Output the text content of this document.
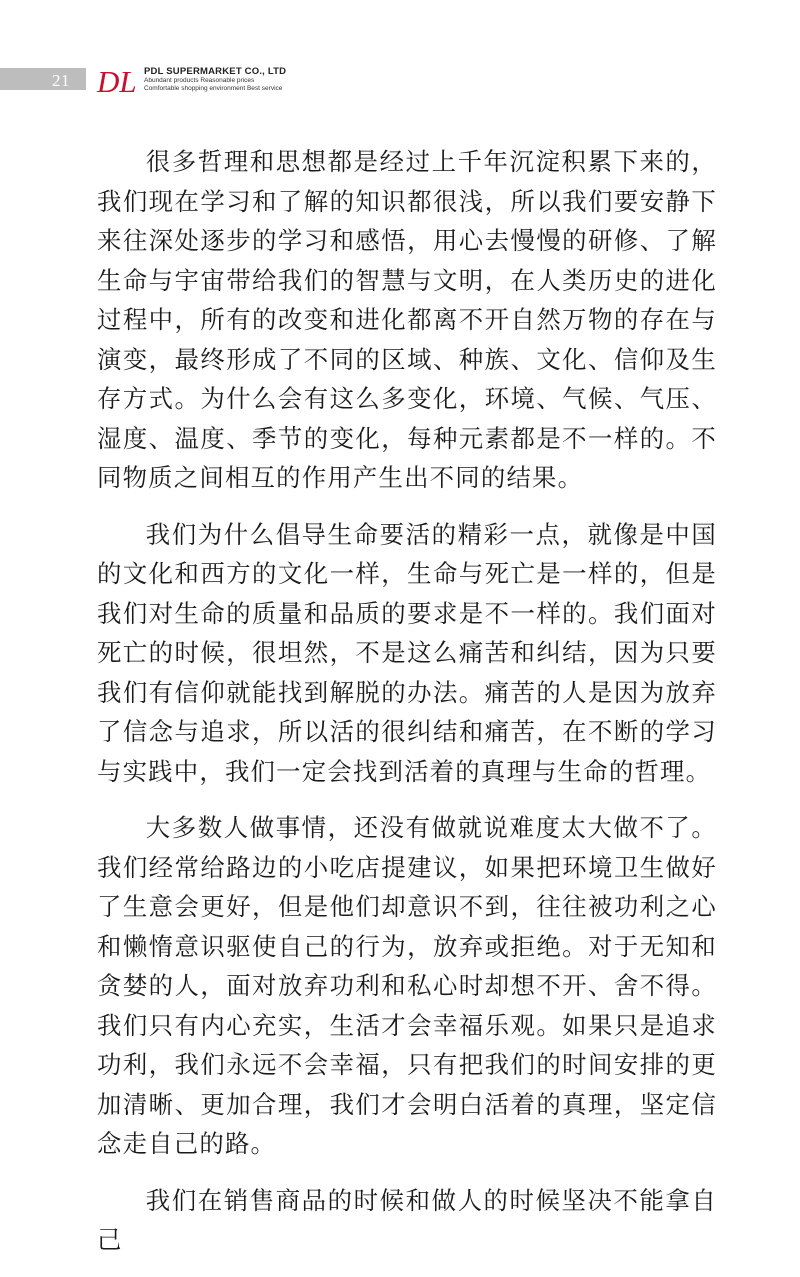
21 DL PDL SUPERMARKET CO., LTD
Abundant products Reasonable prices
Comfortable shopping environment Best service

很多哲理和思想都是经过上千年沉淀积累下来的，我们现在学习和了解的知识都很浅，所以我们要安静下来往深处逐步的学习和感悟，用心去慢慢的研修、了解生命与宇宙带给我们的智慧与文明，在人类历史的进化过程中，所有的改变和进化都离不开自然万物的存在与演变，最终形成了不同的区域、种族、文化、信仰及生存方式。为什么会有这么多变化，环境、气候、气压、湿度、温度、季节的变化，每种元素都是不一样的。不同物质之间相互的作用产生出不同的结果。

我们为什么倡导生命要活的精彩一点，就像是中国的文化和西方的文化一样，生命与死亡是一样的，但是我们对生命的质量和品质的要求是不一样的。我们面对死亡的时候，很坦然，不是这么痛苦和纠结，因为只要我们有信仰就能找到解脱的办法。痛苦的人是因为放弃了信念与追求，所以活的很纠结和痛苦，在不断的学习与实践中，我们一定会找到活着的真理与生命的哲理。

大多数人做事情，还没有做就说难度太大做不了。我们经常给路边的小吃店提建议，如果把环境卫生做好了生意会更好，但是他们却意识不到，往往被功利之心和懒惰意识驱使自己的行为，放弃或拒绝。对于无知和贪婪的人，面对放弃功利和私心时却想不开、舍不得。我们只有内心充实，生活才会幸福乐观。如果只是追求功利，我们永远不会幸福，只有把我们的时间安排的更加清晰、更加合理，我们才会明白活着的真理，坚定信念走自己的路。

我们在销售商品的时候和做人的时候坚决不能拿自己
